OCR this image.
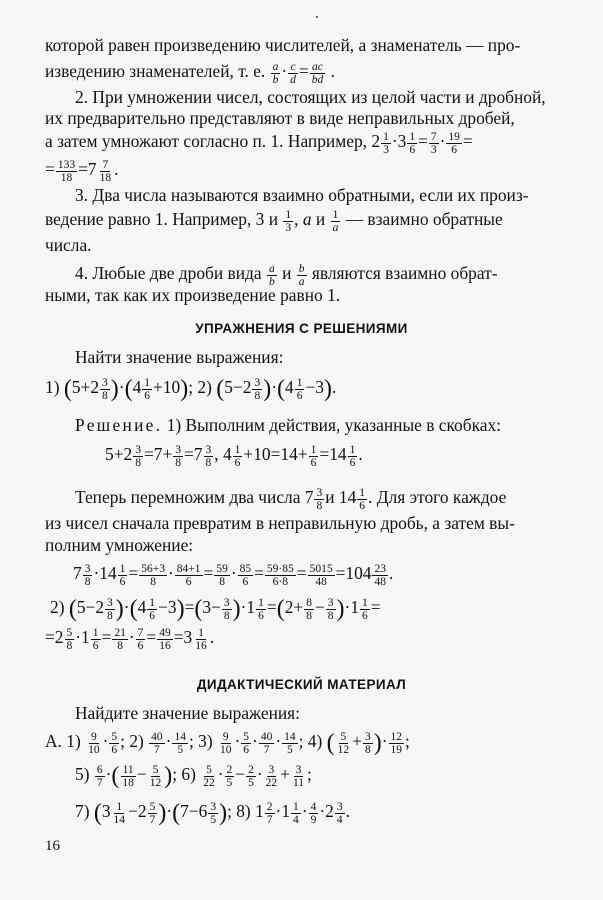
которой равен произведению числителей, а знаменатель — про-
изведению знаменателей, т. е. $\frac{a}{b} \cdot \frac{c}{d} = \frac{ac}{bd}$ .
2. При умножении чисел, состоящих из целой части и дробной,
их предварительно представляют в виде неправильных дробей,
а затем умножают согласно п. 1. Например, $2 \frac{1}{3} \cdot 3 \frac{1}{6} = \frac{7}{3} \cdot \frac{19}{6}$ =
= $\frac{133}{18} =7 \frac{7}{18}$ .
3. Два числа называются взаимно обратными, если их произ-
ведение равно 1. Например, 3 и $\frac{1}{3}$ , a и $\frac{1}{a}$ — взаимно обратные
числа.
4. Любые две дроби вида $\frac{a}{b}$ и $\frac{b}{a}$ являются взаимно обрат-
ными, так как их произведение равно 1.
УПРАЖНЕНИЯ С РЕШЕНИЯМИ
Найти значение выражения:
1) $(5+2 \frac{3}{8} )\cdot(4 \frac{1}{6} +10)$; 2) $(5-2 \frac{3}{8} )\cdot(4 \frac{1}{6} -3)$.
Решение. 1) Выполним действия, указанные в скобках:
$5+2 \frac{3}{8} =7+ \frac{3}{8} =7 \frac{3}{8}$ , $4 \frac{1}{6} +10=14+ \frac{1}{6} =14 \frac{1}{6}$ .
Теперь перемножим два числа $7 \frac{3}{8}$ и $14 \frac{1}{6}$ . Для этого каждое
из чисел сначала превратим в неправильную дробь, а затем вы-
полним умножение:
$7 \frac{3}{8} \cdot 14 \frac{1}{6} = \frac{56+3}{8} \cdot \frac{84+1}{6} = \frac{59}{8} \cdot \frac{85}{6} = \frac{59\cdot 85}{6\cdot 8} = \frac{5015}{48} =104 \frac{23}{48}$ .
2) $(5-2 \frac{3}{8} )\cdot(4 \frac{1}{6} -3)=(3- \frac{3}{8} )\cdot 1 \frac{1}{6} =(2+ \frac{8}{8} - \frac{3}{8} )\cdot 1 \frac{1}{6}$ =
$=2 \frac{5}{8} \cdot 1 \frac{1}{6} = \frac{21}{8} \cdot \frac{7}{6} = \frac{49}{16} =3 \frac{1}{16}$ .
ДИДАКТИЧЕСКИЙ МАТЕРИАЛ
Найдите значение выражения:
А. $1) \frac{9}{10} \cdot \frac{5}{6}$ ; $2) \frac{40}{7} \cdot \frac{14}{5}$ ; $3) \frac{9}{10} \cdot \frac{5}{6} \cdot \frac{40}{7} \cdot \frac{14}{5}$ ; 4) ( $\frac{5}{12} + \frac{3}{8}$ )· $\frac{12}{19}$ ;
$5) \frac{6}{7}$ ·( $\frac{11}{18} - \frac{5}{12}$ ); $6) \frac{5}{22} \cdot \frac{2}{5} - \frac{2}{5} \cdot \frac{3}{22} + \frac{3}{11}$ ;
7) $(3 \frac{1}{14} -2 \frac{5}{7} )\cdot(7-6 \frac{3}{5}$ ); 8) $1 \frac{2}{7} \cdot 1 \frac{1}{4} \cdot \frac{4}{9} \cdot 2 \frac{3}{4}$ .
16
